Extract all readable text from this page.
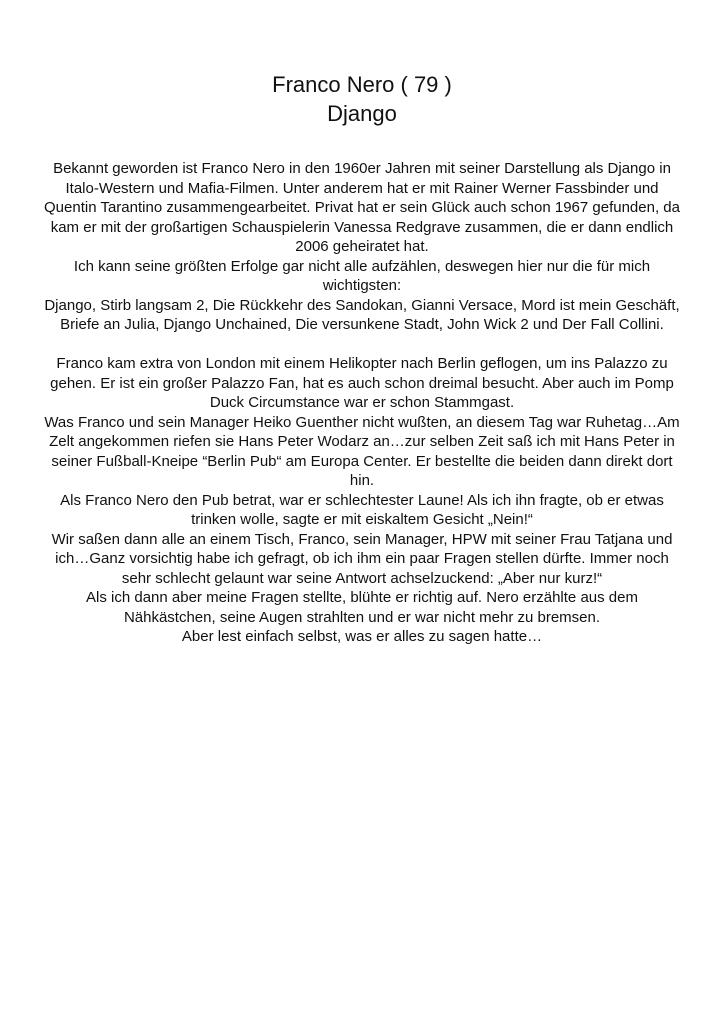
Franco Nero ( 79 )
Django

Bekannt geworden ist Franco Nero in den 1960er Jahren mit seiner Darstellung als Django in Italo-Western und Mafia-Filmen. Unter anderem hat er mit Rainer Werner Fassbinder und Quentin Tarantino zusammengearbeitet. Privat hat er sein Glück auch schon 1967 gefunden, da kam er mit der großartigen Schauspielerin Vanessa Redgrave zusammen, die er dann endlich 2006 geheiratet hat.

Ich kann seine größten Erfolge gar nicht alle aufzählen, deswegen hier nur die für mich wichtigsten:

Django, Stirb langsam 2, Die Rückkehr des Sandokan, Gianni Versace, Mord ist mein Geschäft, Briefe an Julia, Django Unchained, Die versunkene Stadt, John Wick 2 und Der Fall Collini.

Franco kam extra von London mit einem Helikopter nach Berlin geflogen, um ins Palazzo zu gehen. Er ist ein großer Palazzo Fan, hat es auch schon dreimal besucht. Aber auch im Pomp Duck Circumstance war er schon Stammgast.

Was Franco und sein Manager Heiko Guenther nicht wußten, an diesem Tag war Ruhetag…Am Zelt angekommen riefen sie Hans Peter Wodarz an…zur selben Zeit saß ich mit Hans Peter in seiner Fußball-Kneipe “Berlin Pub“ am Europa Center. Er bestellte die beiden dann direkt dort hin.

Als Franco Nero den Pub betrat, war er schlechtester Laune! Als ich ihn fragte, ob er etwas trinken wolle, sagte er mit eiskaltem Gesicht „Nein!“

Wir saßen dann alle an einem Tisch, Franco, sein Manager, HPW mit seiner Frau Tatjana und ich…Ganz vorsichtig habe ich gefragt, ob ich ihm ein paar Fragen stellen dürfte. Immer noch sehr schlecht gelaunt war seine Antwort achselzuckend: „Aber nur kurz!“

Als ich dann aber meine Fragen stellte, blühte er richtig auf. Nero erzählte aus dem Nähkästchen, seine Augen strahlten und er war nicht mehr zu bremsen.

Aber lest einfach selbst, was er alles zu sagen hatte…
